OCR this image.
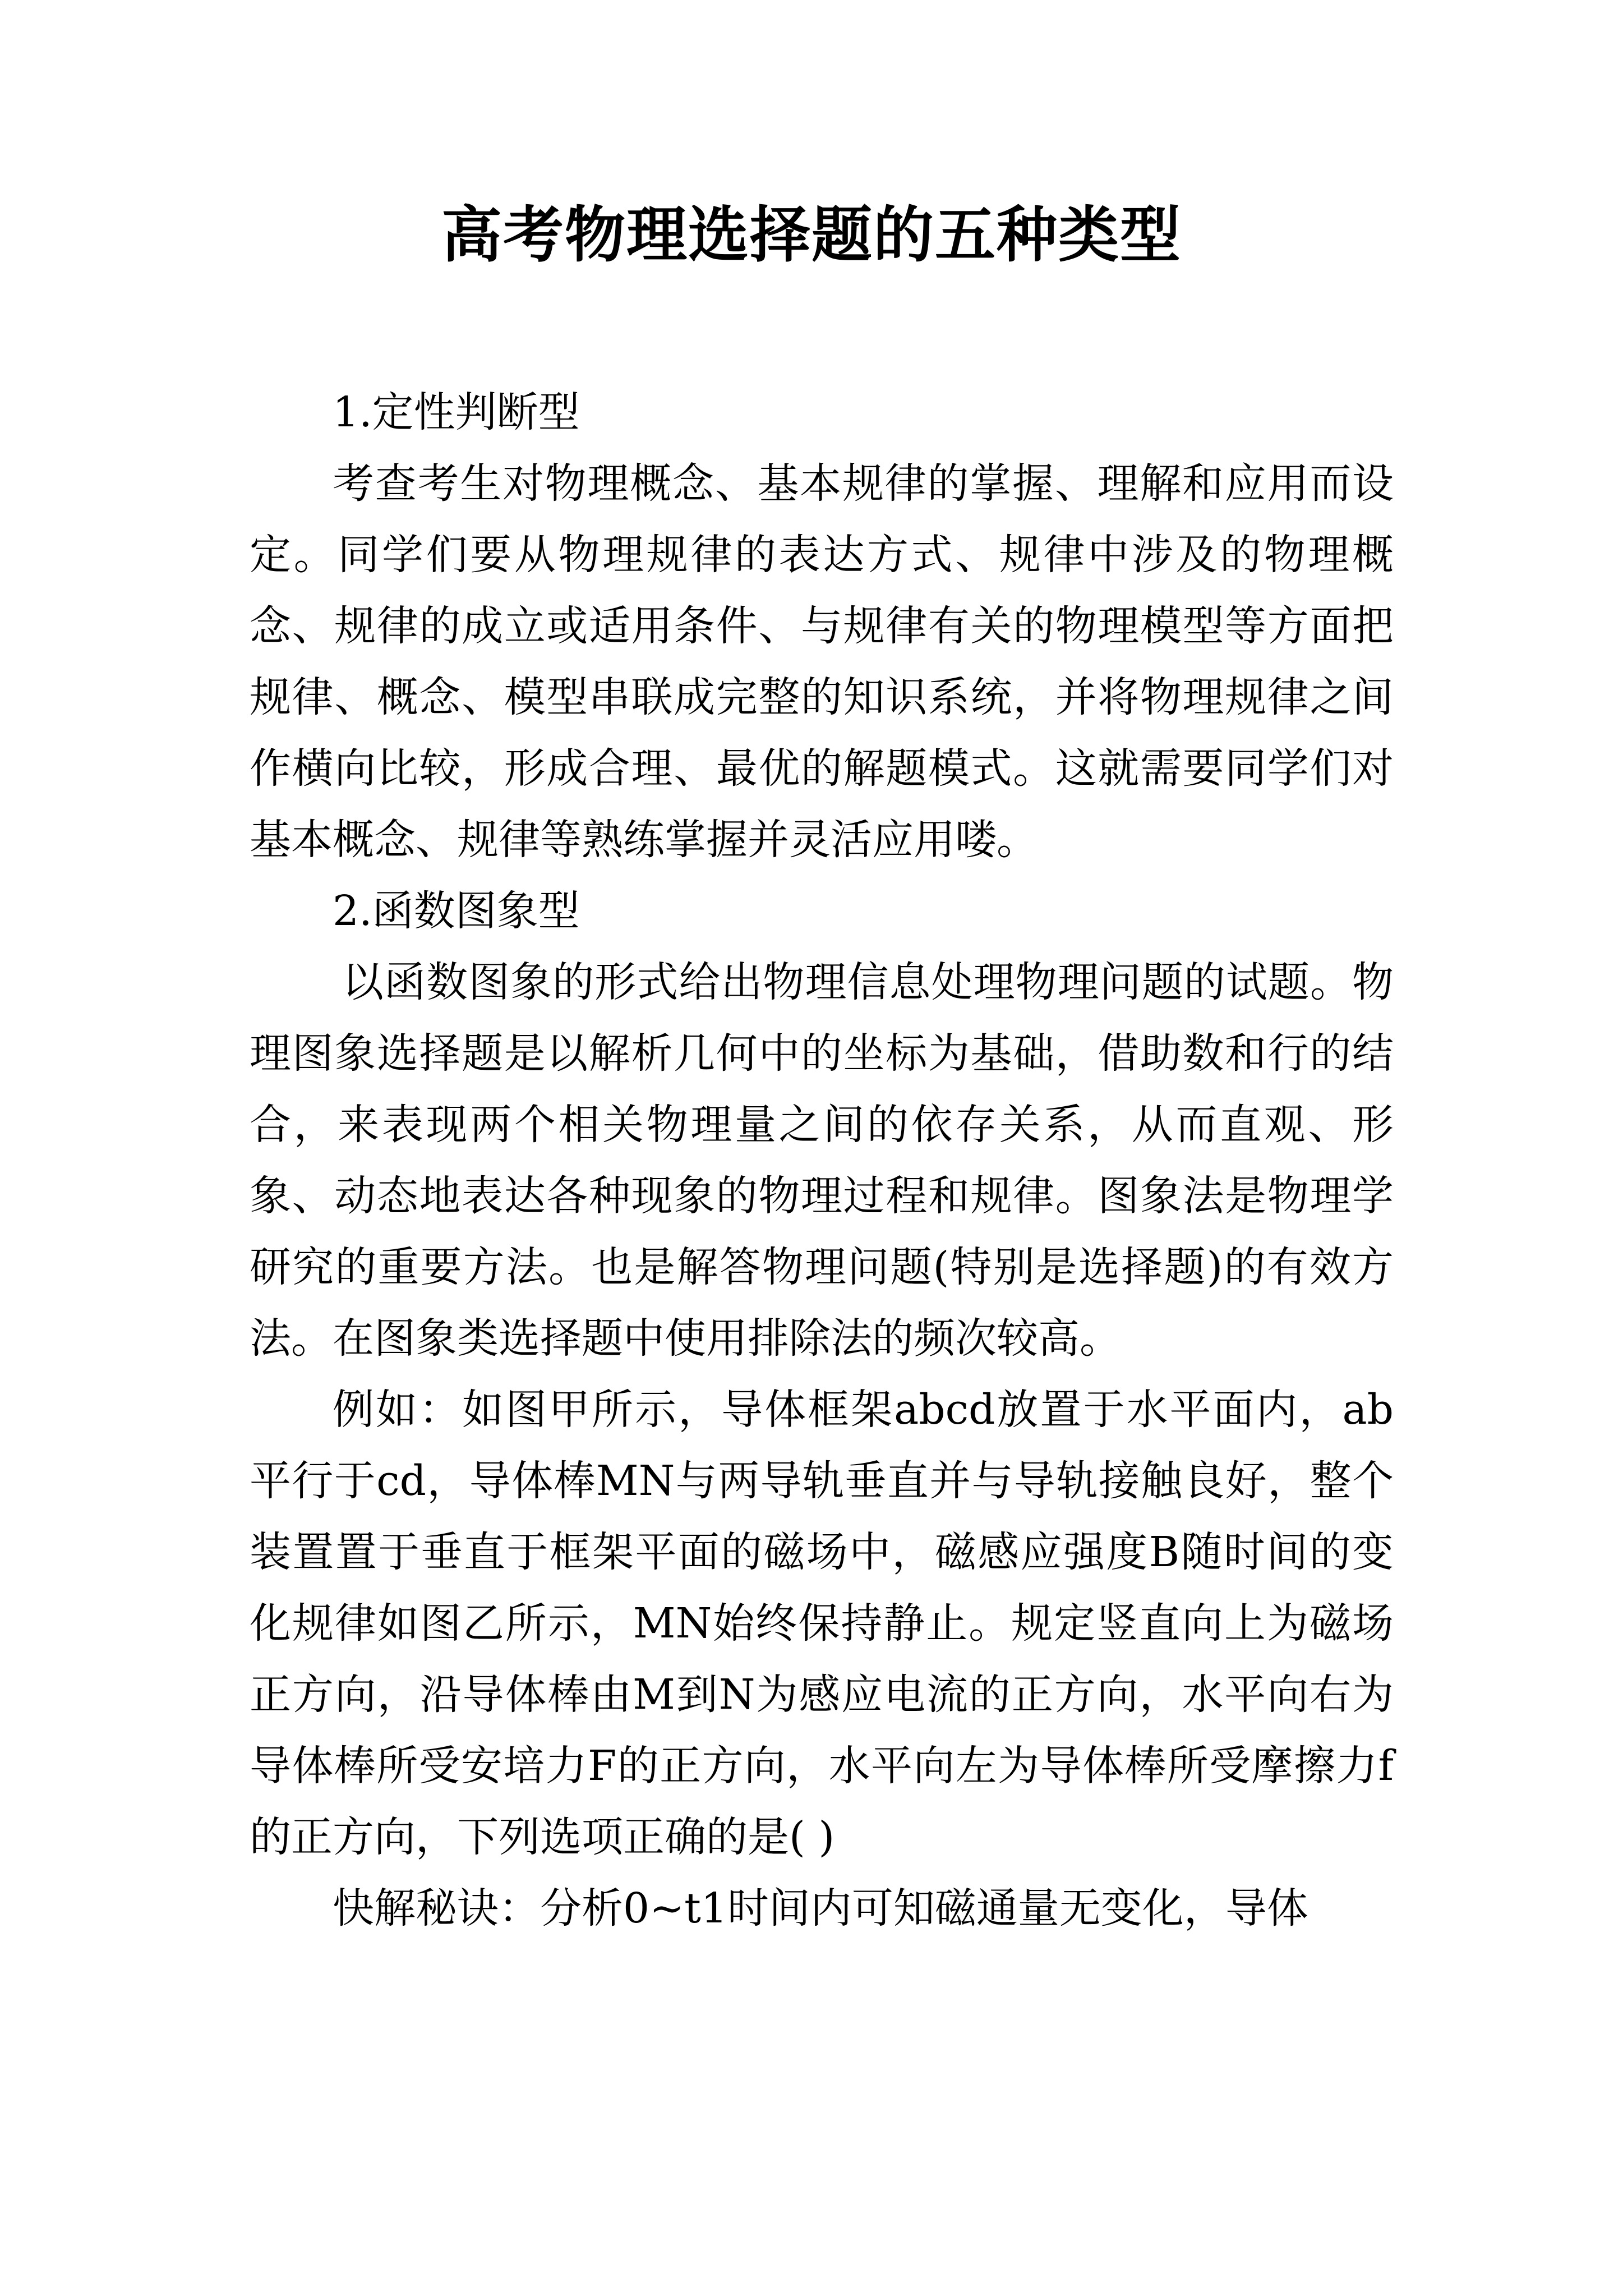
高考物理选择题的五种类型

1.定性判断型

考查考生对物理概念、基本规律的掌握、理解和应用而设定。同学们要从物理规律的表达方式、规律中涉及的物理概念、规律的成立或适用条件、与规律有关的物理模型等方面把规律、概念、模型串联成完整的知识系统，并将物理规律之间作横向比较，形成合理、最优的解题模式。这就需要同学们对基本概念、规律等熟练掌握并灵活应用喽。

2.函数图象型

以函数图象的形式给出物理信息处理物理问题的试题。物理图象选择题是以解析几何中的坐标为基础，借助数和行的结合，来表现两个相关物理量之间的依存关系，从而直观、形象、动态地表达各种现象的物理过程和规律。图象法是物理学研究的重要方法。也是解答物理问题(特别是选择题)的有效方法。在图象类选择题中使用排除法的频次较高。

例如：如图甲所示，导体框架abcd放置于水平面内，ab平行于cd，导体棒MN与两导轨垂直并与导轨接触良好，整个装置置于垂直于框架平面的磁场中，磁感应强度B随时间的变化规律如图乙所示，MN始终保持静止。规定竖直向上为磁场正方向，沿导体棒由M到N为感应电流的正方向，水平向右为导体棒所受安培力F的正方向，水平向左为导体棒所受摩擦力f的正方向，下列选项正确的是( )

快解秘诀：分析0~t1时间内可知磁通量无变化，导体
